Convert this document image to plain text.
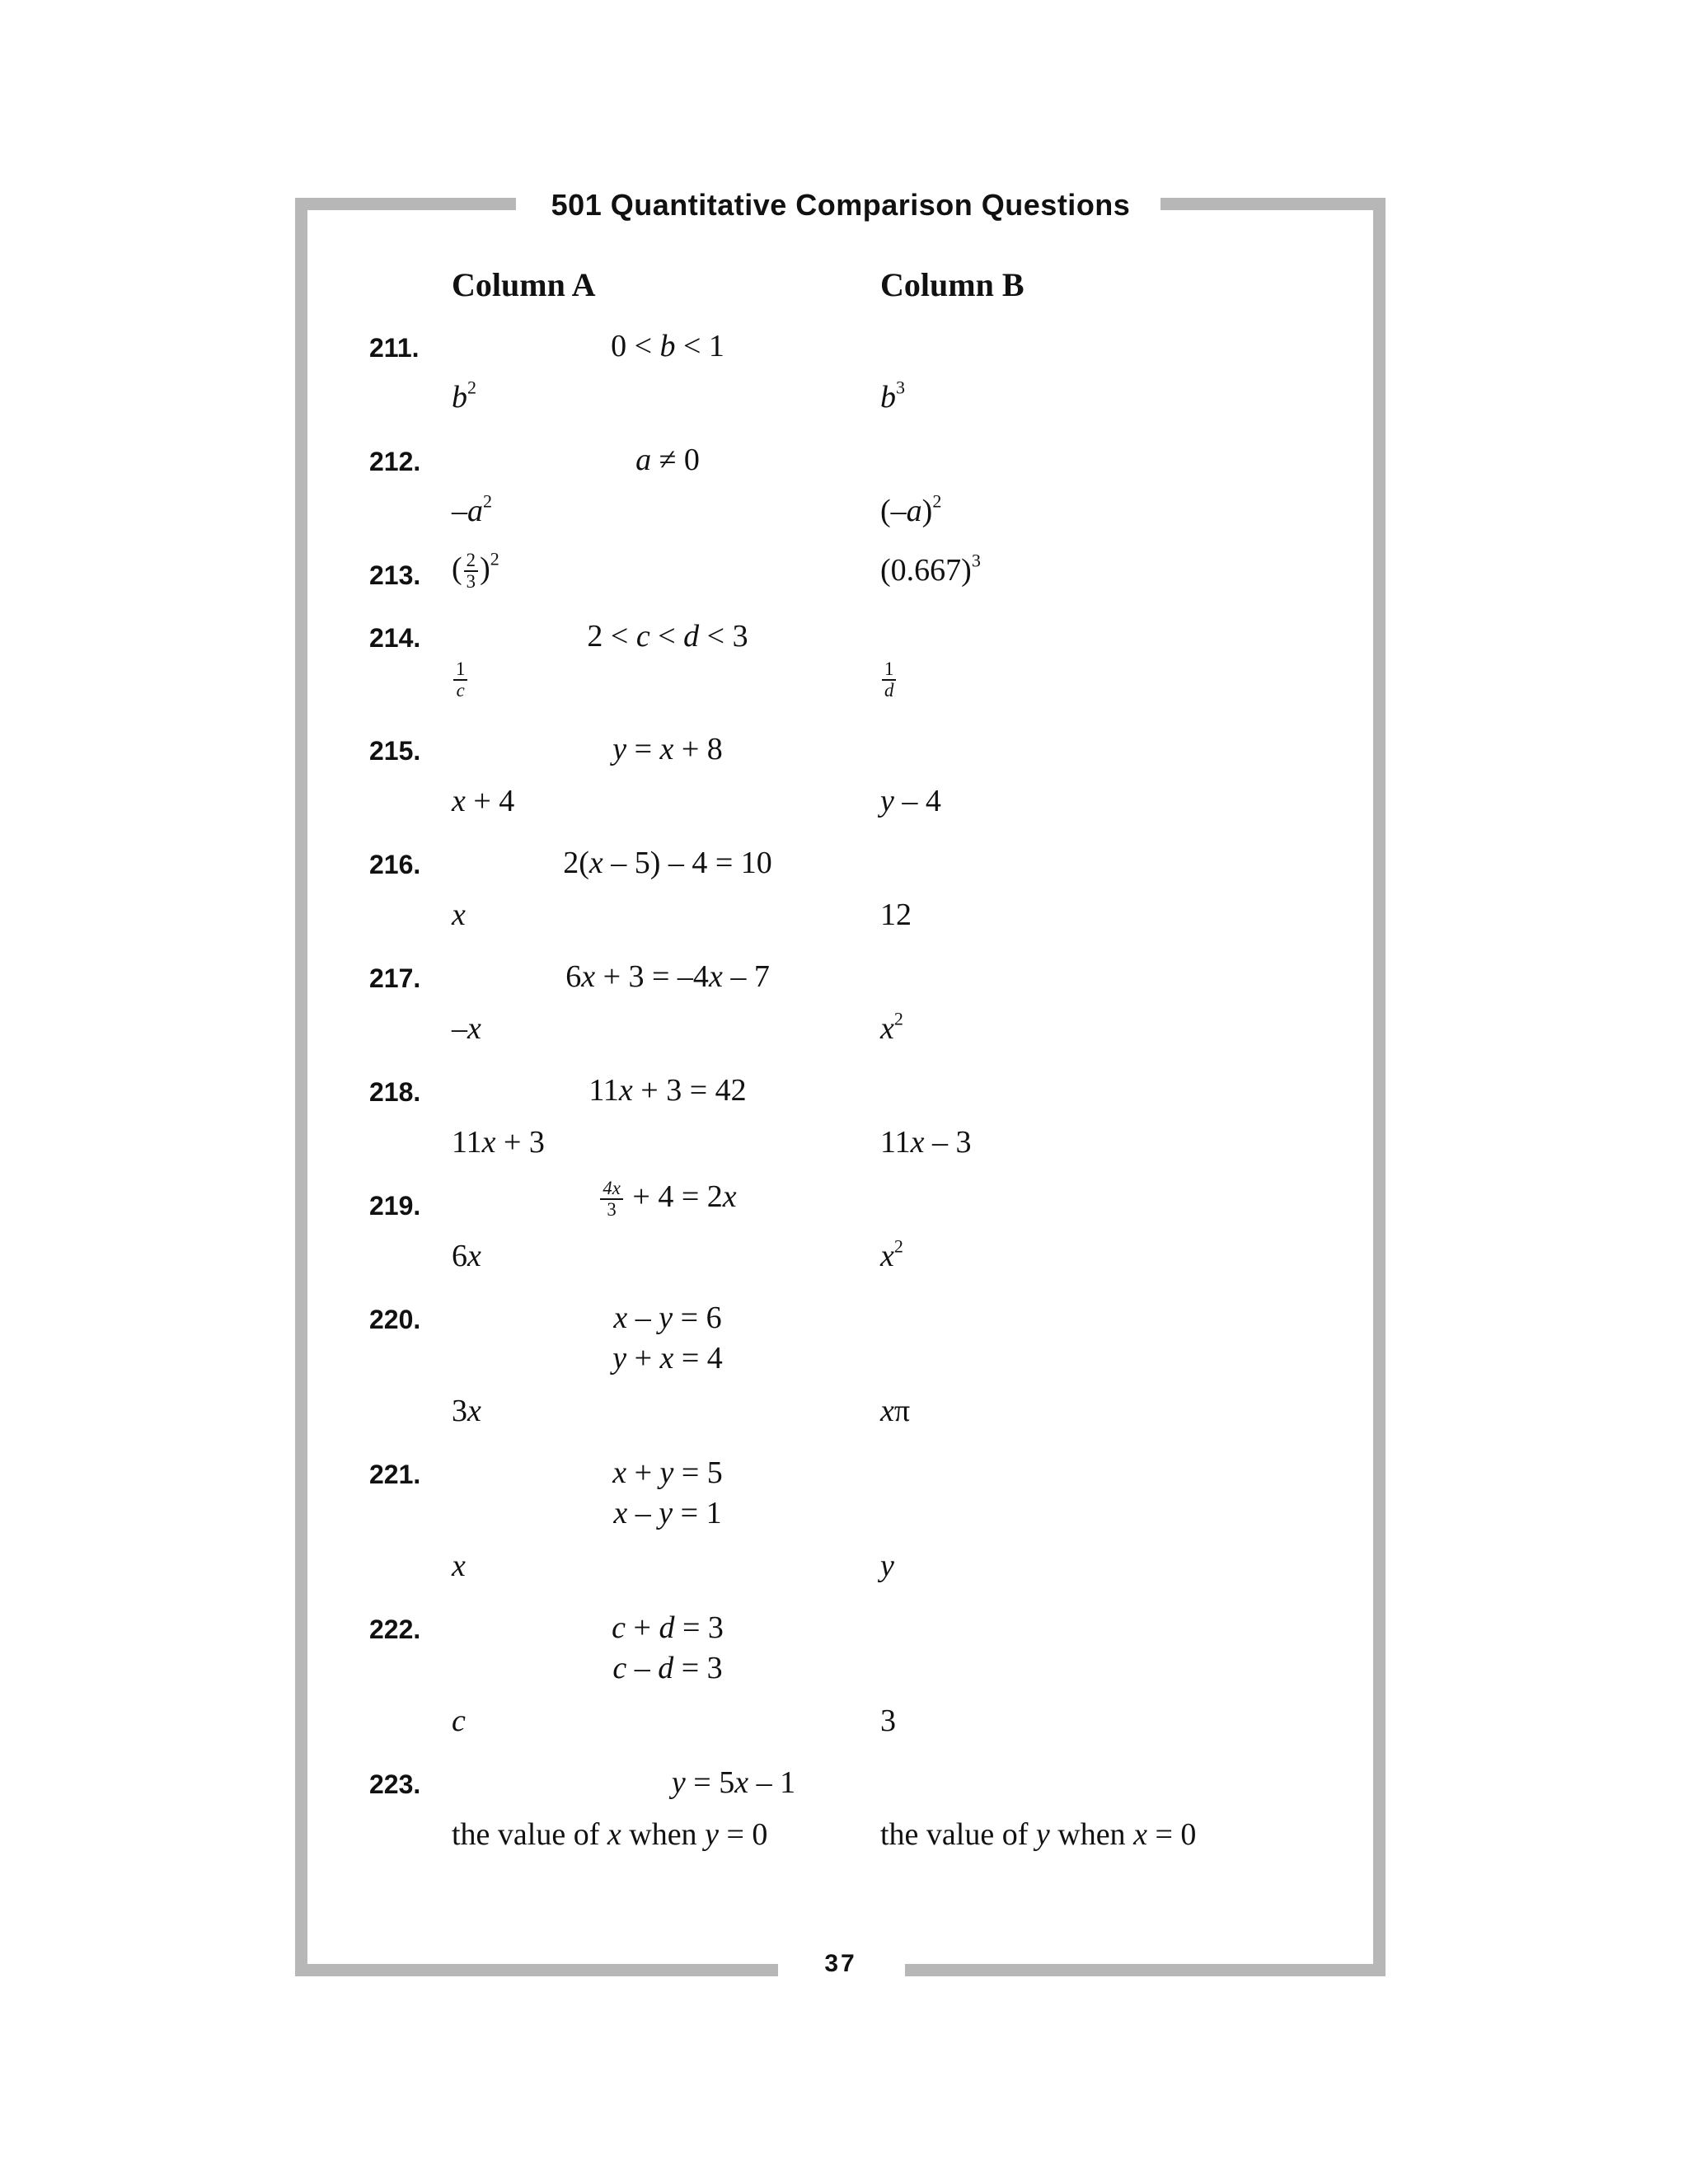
501 Quantitative Comparison Questions
Column A	Column B
211.	0 < b < 1
$b^2$	$b^3$
212.	a ≠ 0
$-a^2$	$(-a)^2$
213. ( $\frac{2}{3} )^2$	$(0.667)^3$
214.	2 < c < d < 3
$\frac{1}{c}$	$\frac{1}{d}$
215.	y = x + 8
x + 4	y – 4
216.	2(x – 5) – 4 = 10
x	12
217.	6x + 3 = –4x – 7
–x	$x^2$
218.	11x + 3 = 42
11x + 3	11x – 3
219.	$\frac{4x}{3} + 4 = 2x$
6x	$x^2$
220.	x – y = 6
y + x = 4
3x	xπ
221.	x + y = 5
x – y = 1
x	y
222.	c + d = 3
c – d = 3
c	3
223.	y = 5x – 1
the value of x when y = 0	the value of y when x = 0
37
